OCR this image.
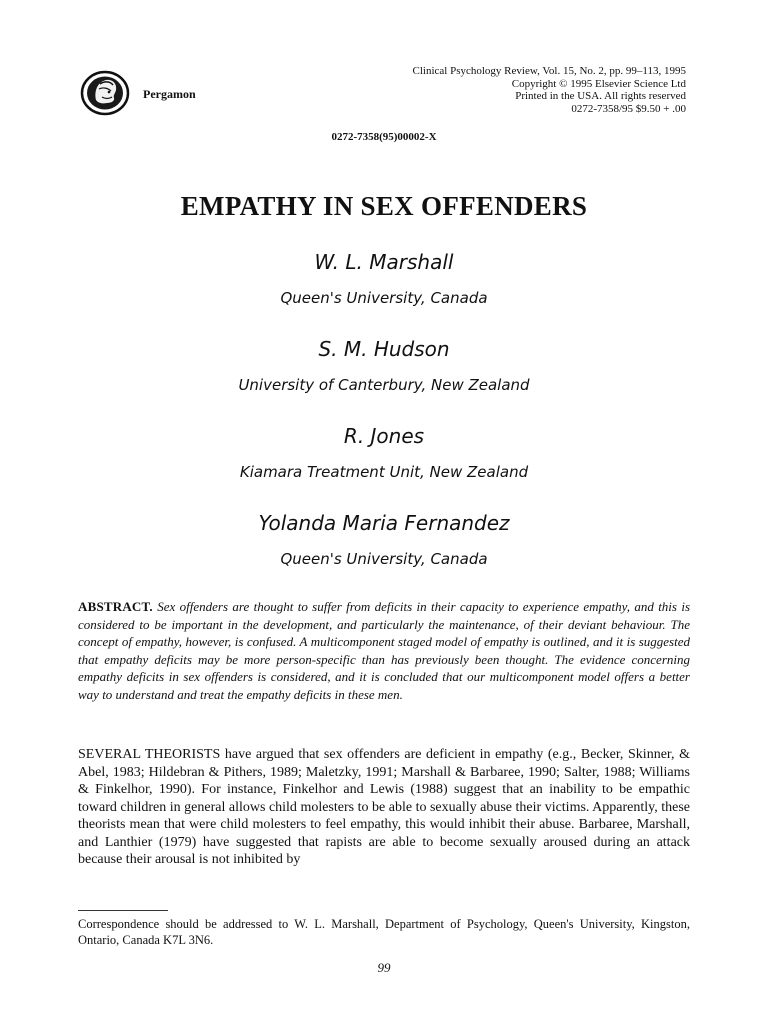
Pergamon
Clinical Psychology Review, Vol. 15, No. 2, pp. 99–113, 1995
Copyright © 1995 Elsevier Science Ltd
Printed in the USA. All rights reserved
0272-7358/95 $9.50 + .00
0272-7358(95)00002-X
EMPATHY IN SEX OFFENDERS
W. L. Marshall
Queen's University, Canada
S. M. Hudson
University of Canterbury, New Zealand
R. Jones
Kiamara Treatment Unit, New Zealand
Yolanda Maria Fernandez
Queen's University, Canada
ABSTRACT. Sex offenders are thought to suffer from deficits in their capacity to experience empathy, and this is considered to be important in the development, and particularly the maintenance, of their deviant behaviour. The concept of empathy, however, is confused. A multicomponent staged model of empathy is outlined, and it is suggested that empathy deficits may be more person-specific than has previously been thought. The evidence concerning empathy deficits in sex offenders is considered, and it is concluded that our multicomponent model offers a better way to understand and treat the empathy deficits in these men.
SEVERAL THEORISTS have argued that sex offenders are deficient in empathy (e.g., Becker, Skinner, & Abel, 1983; Hildebran & Pithers, 1989; Maletzky, 1991; Marshall & Barbaree, 1990; Salter, 1988; Williams & Finkelhor, 1990). For instance, Finkelhor and Lewis (1988) suggest that an inability to be empathic toward children in general allows child molesters to be able to sexually abuse their victims. Apparently, these theorists mean that were child molesters to feel empathy, this would inhibit their abuse. Barbaree, Marshall, and Lanthier (1979) have suggested that rapists are able to become sexually aroused during an attack because their arousal is not inhibited by
Correspondence should be addressed to W. L. Marshall, Department of Psychology, Queen's University, Kingston, Ontario, Canada K7L 3N6.
99
